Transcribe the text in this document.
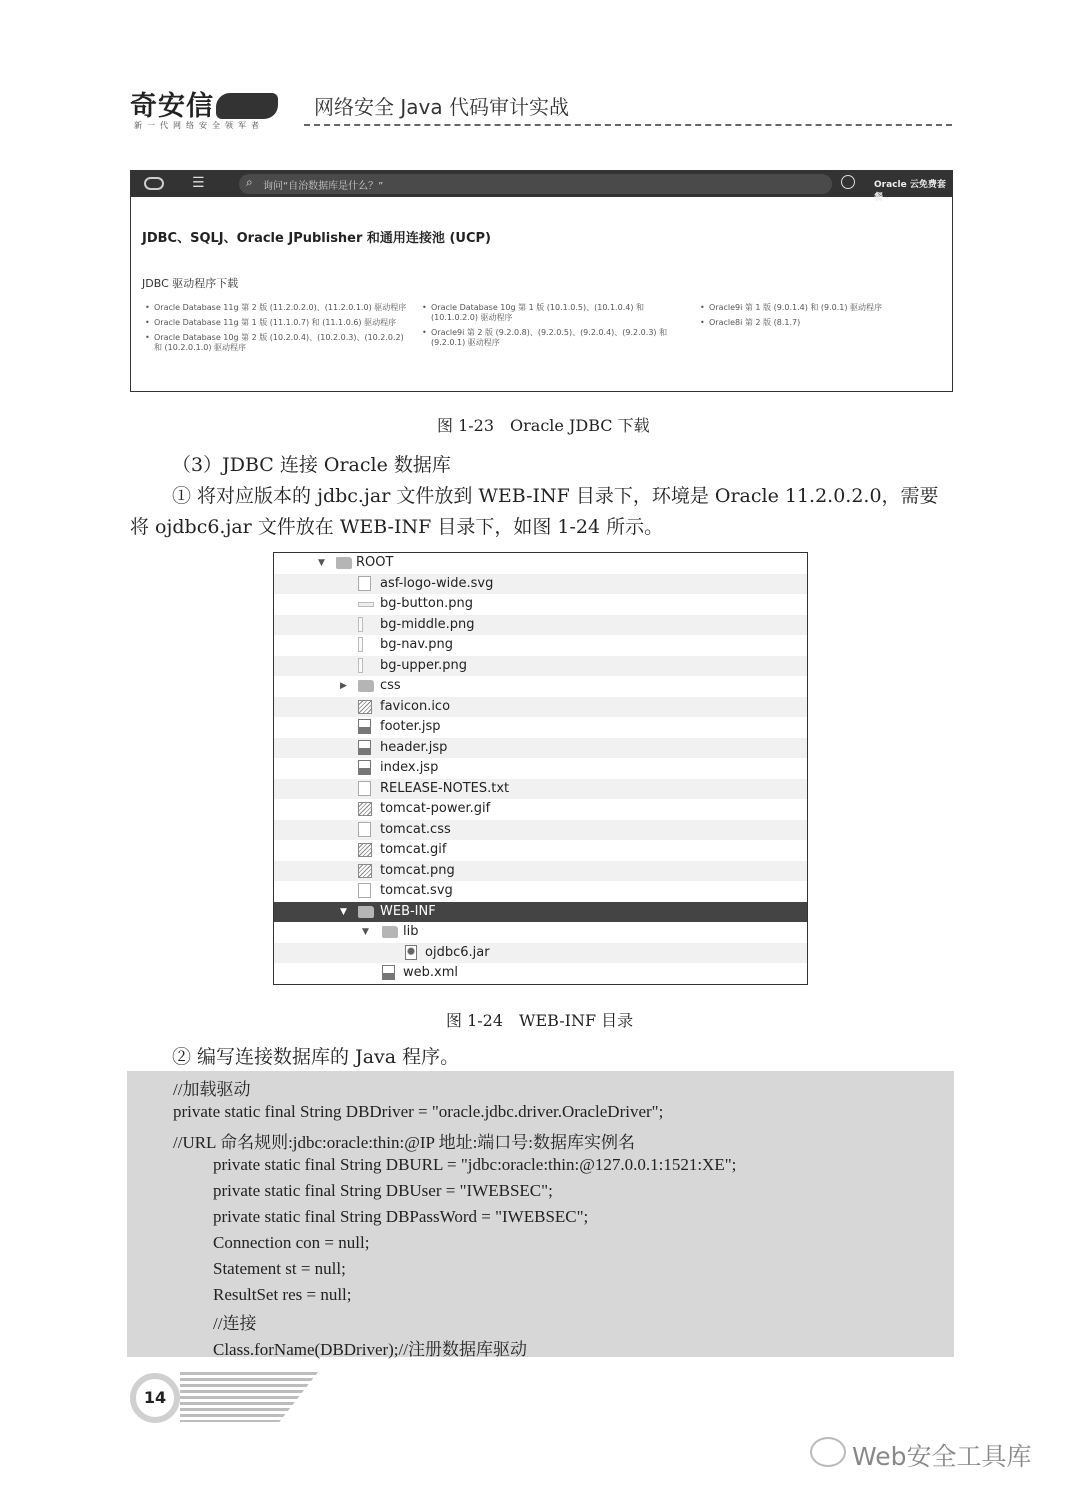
奇安信
新一代网络安全领军者
网络安全 Java 代码审计实战
☰	⌕ 询问“自治数据库是什么？”	Oracle 云免费套餐
JDBC、SQLJ、Oracle JPublisher 和通用连接池 (UCP)
JDBC 驱动程序下载
• Oracle Database 11g 第 2 版 (11.2.0.2.0)、(11.2.0.1.0) 驱动程序
• Oracle Database 11g 第 1 版 (11.1.0.7) 和 (11.1.0.6) 驱动程序
• Oracle Database 10g 第 2 版 (10.2.0.4)、(10.2.0.3)、(10.2.0.2) 和 (10.2.0.1.0) 驱动程序
• Oracle Database 10g 第 1 版 (10.1.0.5)、(10.1.0.4) 和 (10.1.0.2.0) 驱动程序
• Oracle9i 第 2 版 (9.2.0.8)、(9.2.0.5)、(9.2.0.4)、(9.2.0.3) 和 (9.2.0.1) 驱动程序
• Oracle9i 第 1 版 (9.0.1.4) 和 (9.0.1) 驱动程序
• Oracle8i 第 2 版 (8.1.7)
图 1-23　Oracle JDBC 下载
（3）JDBC 连接 Oracle 数据库
① 将对应版本的 jdbc.jar 文件放到 WEB-INF 目录下，环境是 Oracle 11.2.0.2.0，需要
将 ojdbc6.jar 文件放在 WEB-INF 目录下，如图 1-24 所示。
▼ ROOT
asf-logo-wide.svg
bg-button.png
bg-middle.png
bg-nav.png
bg-upper.png
▶	css
favicon.ico
footer.jsp
header.jsp
index.jsp
RELEASE-NOTES.txt
tomcat-power.gif
tomcat.css
tomcat.gif
tomcat.png
tomcat.svg
▼	WEB-INF
▼	lib
ojdbc6.jar
web.xml
图 1-24　WEB-INF 目录
② 编写连接数据库的 Java 程序。
//加载驱动
private static final String DBDriver = "oracle.jdbc.driver.OracleDriver";
//URL 命名规则:jdbc:oracle:thin:@IP 地址:端口号:数据库实例名
private static final String DBURL = "jdbc:oracle:thin:@127.0.0.1:1521:XE";
private static final String DBUser = "IWEBSEC";
private static final String DBPassWord = "IWEBSEC";
Connection con = null;
Statement st = null;
ResultSet res = null;
//连接
Class.forName(DBDriver);//注册数据库驱动
14
Web安全工具库
